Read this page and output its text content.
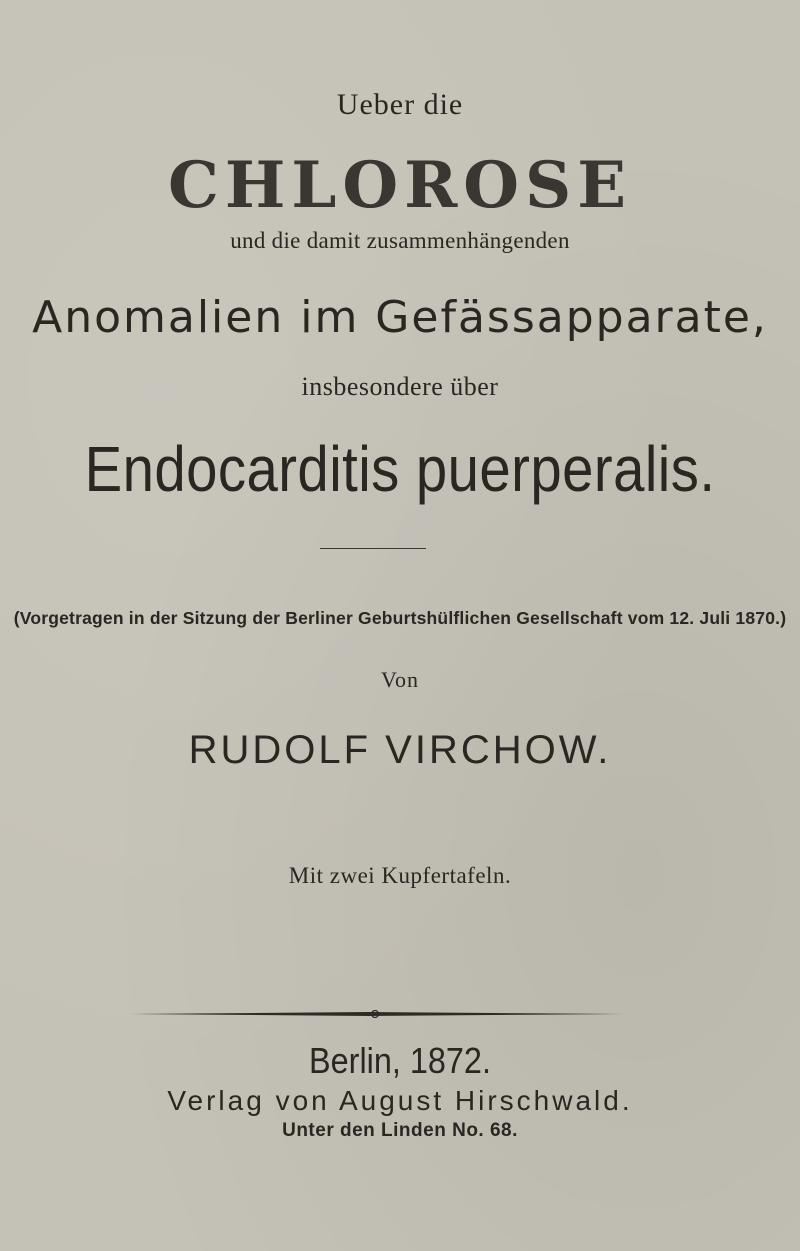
Ueber die
CHLOROSE
und die damit zusammenhängenden
Anomalien im Gefässapparate,
insbesondere über
Endocarditis puerperalis.
(Vorgetragen in der Sitzung der Berliner Geburtshülflichen Gesellschaft vom 12. Juli 1870.)
Von
RUDOLF VIRCHOW.
Mit zwei Kupfertafeln.
Berlin, 1872.
Verlag von August Hirschwald.
Unter den Linden No. 68.
